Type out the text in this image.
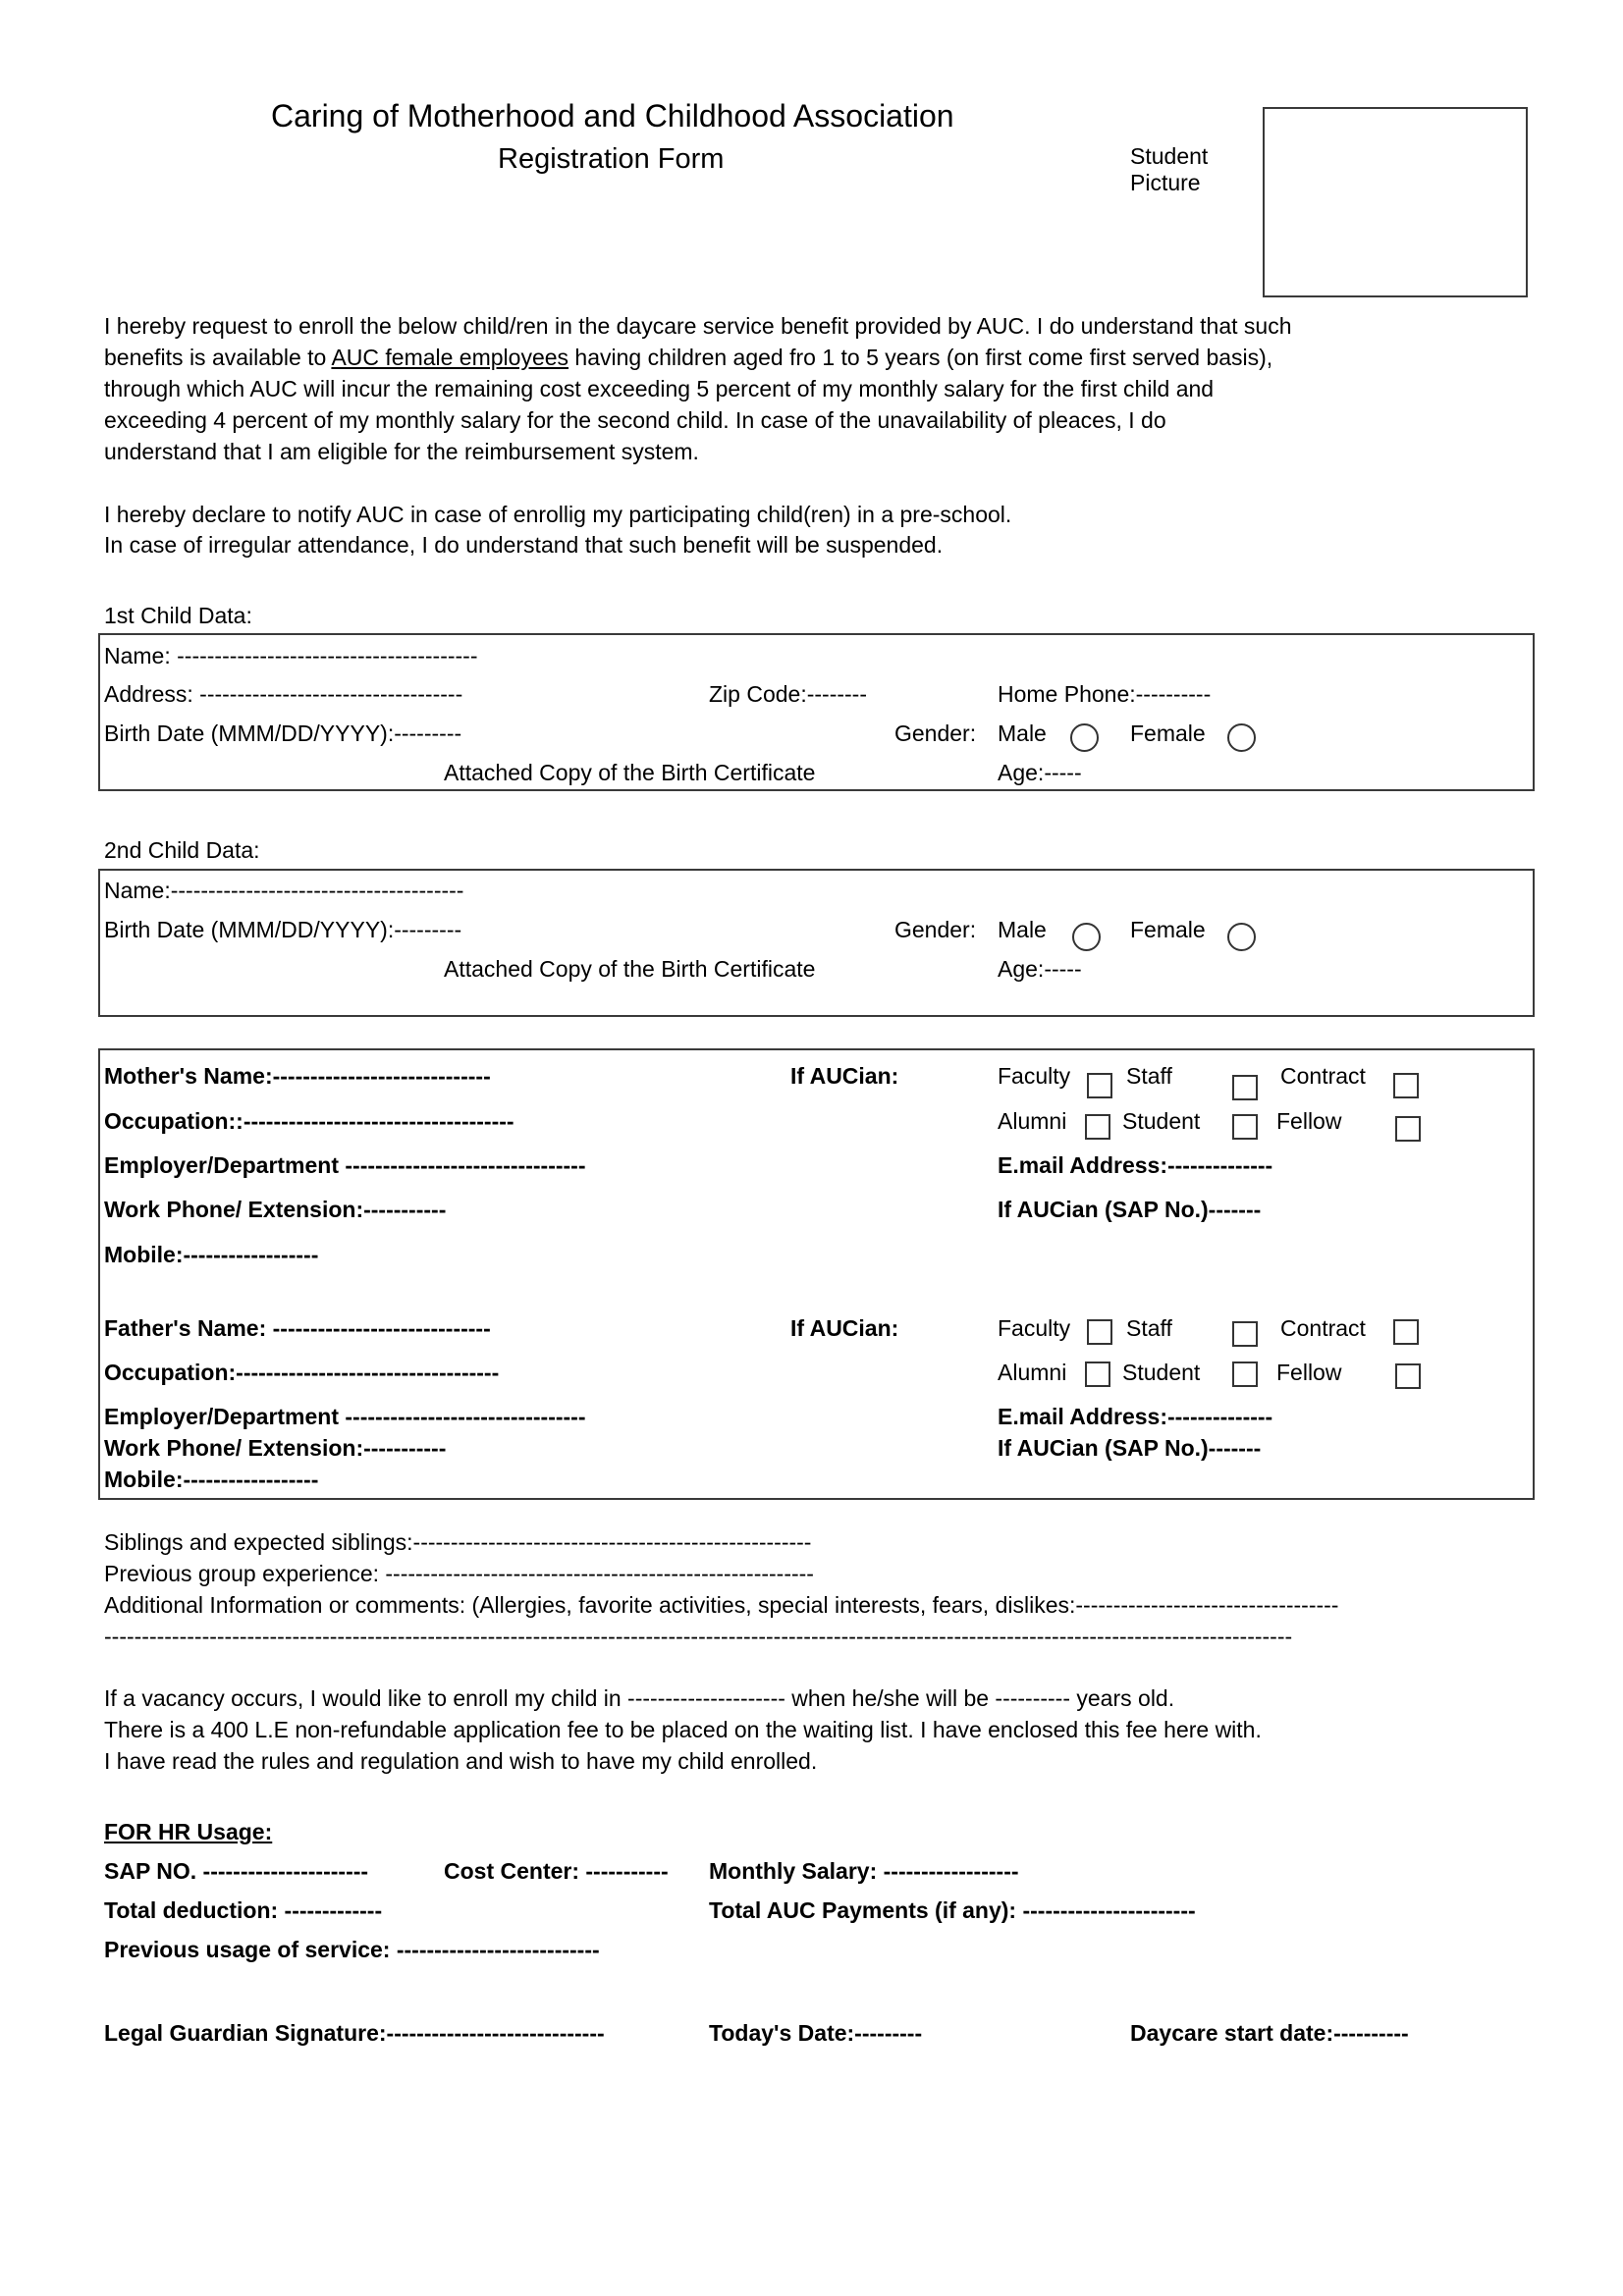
Caring of Motherhood and Childhood Association
Registration Form	Student
Picture
I hereby request to enroll the below child/ren in the daycare service benefit provided by AUC. I do understand that such
benefits is available to AUC female employees having children aged fro 1 to 5 years (on first come first served basis),
through which AUC will incur the remaining cost exceeding 5 percent of my monthly salary for the first child and
exceeding 4 percent of my monthly salary for the second child. In case of the unavailability of pleaces, I do
understand that I am eligible for the reimbursement system.
I hereby declare to notify AUC in case of enrollig my participating child(ren) in a pre-school.
In case of irregular attendance, I do understand that such benefit will be suspended.
1st Child Data:
Name: ----------------------------------------
Address: -----------------------------------	Zip Code:--------	Home Phone:----------
Birth Date (MMM/DD/YYYY):---------	Gender: Male	Female
Attached Copy of the Birth Certificate	Age:-----
2nd Child Data:
Name:---------------------------------------
Birth Date (MMM/DD/YYYY):---------	Gender: Male	Female
Attached Copy of the Birth Certificate	Age:-----
Mother's Name:-----------------------------	If AUCian:	Faculty Staff	Contract
Occupation::------------------------------------	Alumni Student	Fellow
Employer/Department --------------------------------	E.mail Address:--------------
Work Phone/ Extension:-----------	If AUCian (SAP No.)-------
Mobile:------------------
Father's Name: -----------------------------	If AUCian:	Faculty Staff	Contract
Occupation:-----------------------------------	Alumni Student	Fellow
Employer/Department --------------------------------	E.mail Address:--------------
Work Phone/ Extension:-----------	If AUCian (SAP No.)-------
Mobile:------------------
Siblings and expected siblings:-----------------------------------------------------
Previous group experience: ---------------------------------------------------------
Additional Information or comments: (Allergies, favorite activities, special interests, fears, dislikes:-----------------------------------
--------------------------------------------------------------------------------------------------------------------------------------------------------------
If a vacancy occurs, I would like to enroll my child in --------------------- when he/she will be ---------- years old.
There is a 400 L.E non-refundable application fee to be placed on the waiting list. I have enclosed this fee here with.
I have read the rules and regulation and wish to have my child enrolled.
FOR HR Usage:
SAP NO. ----------------------	Cost Center: ----------- Monthly Salary: ------------------
Total deduction: -------------	Total AUC Payments (if any): -----------------------
Previous usage of service: ---------------------------
Legal Guardian Signature:-----------------------------	Today's Date:---------	Daycare start date:----------
